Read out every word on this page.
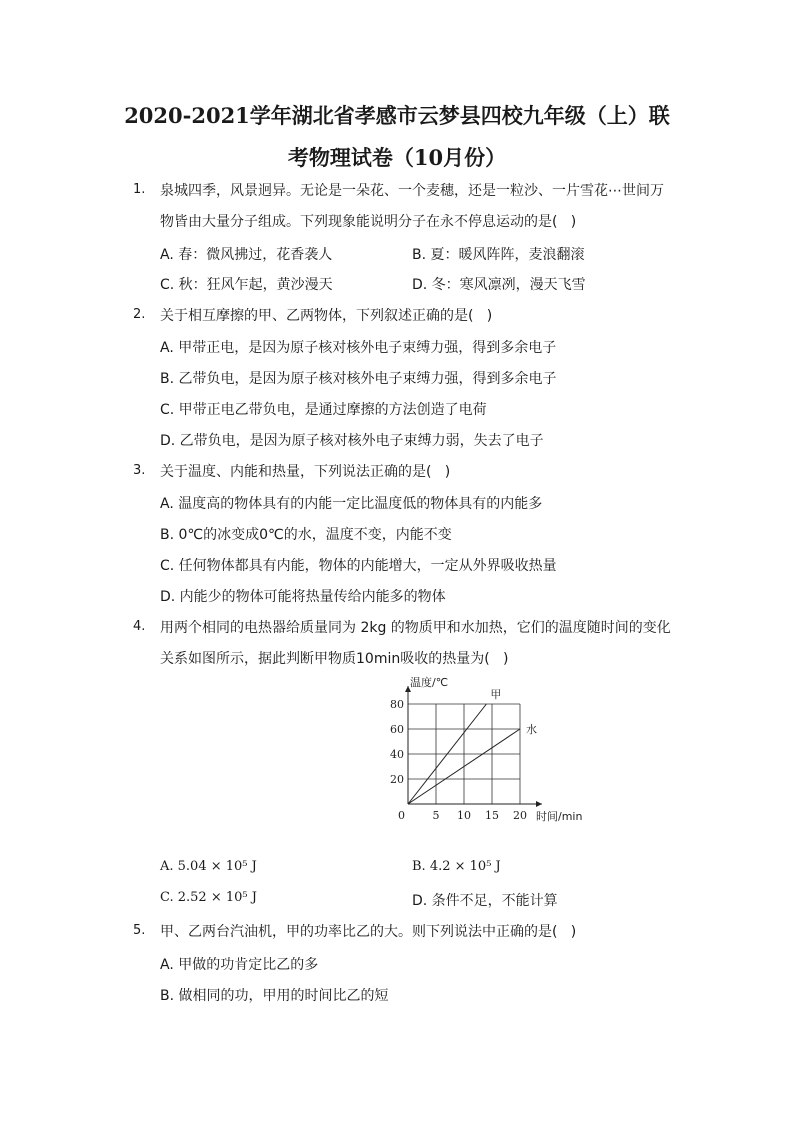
2020-2021学年湖北省孝感市云梦县四校九年级（上）联
考物理试卷（10月份）
1. 泉城四季，风景迥异。无论是一朵花、一个麦穗，还是一粒沙、一片雪花⋯世间万
物皆由大量分子组成。下列现象能说明分子在永不停息运动的是(   )
A. 春：微风拂过，花香袭人	B. 夏：暖风阵阵，麦浪翻滚
C. 秋：狂风乍起，黄沙漫天	D. 冬：寒风凛冽，漫天飞雪
2. 关于相互摩擦的甲、乙两物体，下列叙述正确的是(   )
A. 甲带正电，是因为原子核对核外电子束缚力强，得到多余电子
B. 乙带负电，是因为原子核对核外电子束缚力强，得到多余电子
C. 甲带正电乙带负电，是通过摩擦的方法创造了电荷
D. 乙带负电，是因为原子核对核外电子束缚力弱，失去了电子
3. 关于温度、内能和热量，下列说法正确的是(   )
A. 温度高的物体具有的内能一定比温度低的物体具有的内能多
B. 0℃的冰变成0℃的水，温度不变，内能不变
C. 任何物体都具有内能，物体的内能增大，一定从外界吸收热量
D. 内能少的物体可能将热量传给内能多的物体
4. 用两个相同的电热器给质量同为 2kg 的物质甲和水加热，它们的温度随时间的变化
关系如图所示，据此判断甲物质10min吸收的热量为(   )
0	5 10 15 20
20
40
60
80
温度/℃
时间/min
甲
水
A. 5.04 × 10⁵ J	B. 4.2 × 10⁵ J
C. 2.52 × 10⁵ J	D. 条件不足，不能计算
5. 甲、乙两台汽油机，甲的功率比乙的大。则下列说法中正确的是(   )
A. 甲做的功肯定比乙的多
B. 做相同的功，甲用的时间比乙的短
